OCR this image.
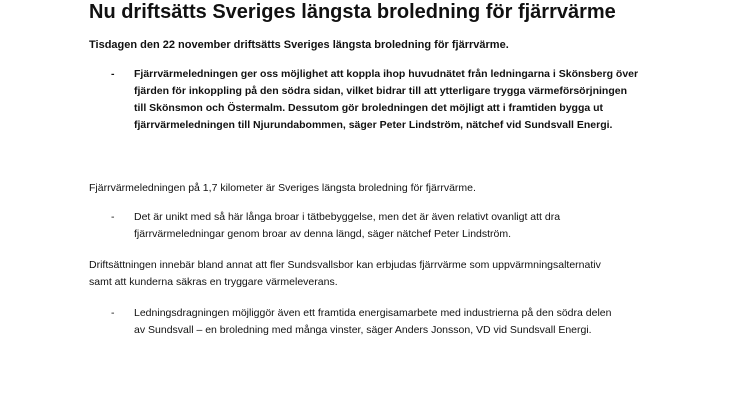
Nu driftsätts Sveriges längsta broledning för fjärrvärme

Tisdagen den 22 november driftsätts Sveriges längsta broledning för fjärrvärme.

- Fjärrvärmeledningen ger oss möjlighet att koppla ihop huvudnätet från ledningarna i Skönsberg över
fjärden för inkoppling på den södra sidan, vilket bidrar till att ytterligare trygga värmeförsörjningen
till Skönsmon och Östermalm. Dessutom gör broledningen det möjligt att i framtiden bygga ut
fjärrvärmeledningen till Njurundabommen, säger Peter Lindström, nätchef vid Sundsvall Energi.

Fjärrvärmeledningen på 1,7 kilometer är Sveriges längsta broledning för fjärrvärme.

- Det är unikt med så här långa broar i tätbebyggelse, men det är även relativt ovanligt att dra
fjärrvärmeledningar genom broar av denna längd, säger nätchef Peter Lindström.

Driftsättningen innebär bland annat att fler Sundsvallsbor kan erbjudas fjärrvärme som uppvärmningsalternativ
samt att kunderna säkras en tryggare värmeleverans.

- Ledningsdragningen möjliggör även ett framtida energisamarbete med industrierna på den södra delen
av Sundsvall – en broledning med många vinster, säger Anders Jonsson, VD vid Sundsvall Energi.
